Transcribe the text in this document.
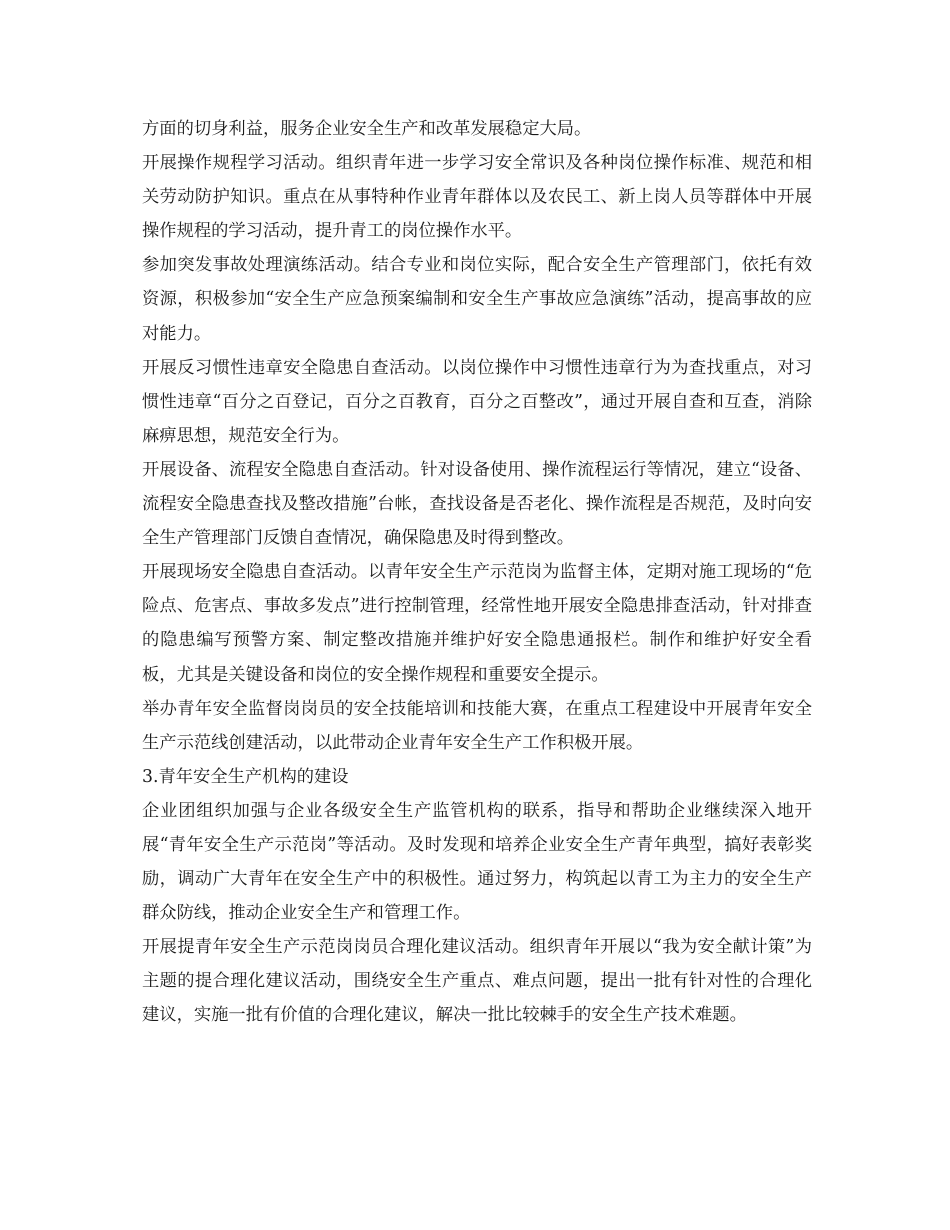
方面的切身利益，服务企业安全生产和改革发展稳定大局。

开展操作规程学习活动。组织青年进一步学习安全常识及各种岗位操作标准、规范和相关劳动防护知识。重点在从事特种作业青年群体以及农民工、新上岗人员等群体中开展操作规程的学习活动，提升青工的岗位操作水平。

参加突发事故处理演练活动。结合专业和岗位实际，配合安全生产管理部门，依托有效资源，积极参加“安全生产应急预案编制和安全生产事故应急演练”活动，提高事故的应对能力。

开展反习惯性违章安全隐患自查活动。以岗位操作中习惯性违章行为为查找重点，对习惯性违章“百分之百登记，百分之百教育，百分之百整改”，通过开展自查和互查，消除麻痹思想，规范安全行为。

开展设备、流程安全隐患自查活动。针对设备使用、操作流程运行等情况，建立“设备、流程安全隐患查找及整改措施”台帐，查找设备是否老化、操作流程是否规范，及时向安全生产管理部门反馈自查情况，确保隐患及时得到整改。

开展现场安全隐患自查活动。以青年安全生产示范岗为监督主体，定期对施工现场的“危险点、危害点、事故多发点”进行控制管理，经常性地开展安全隐患排查活动，针对排查的隐患编写预警方案、制定整改措施并维护好安全隐患通报栏。制作和维护好安全看板，尤其是关键设备和岗位的安全操作规程和重要安全提示。

举办青年安全监督岗岗员的安全技能培训和技能大赛，在重点工程建设中开展青年安全生产示范线创建活动，以此带动企业青年安全生产工作积极开展。

3.青年安全生产机构的建设

企业团组织加强与企业各级安全生产监管机构的联系，指导和帮助企业继续深入地开展“青年安全生产示范岗”等活动。及时发现和培养企业安全生产青年典型，搞好表彰奖励，调动广大青年在安全生产中的积极性。通过努力，构筑起以青工为主力的安全生产群众防线，推动企业安全生产和管理工作。

开展提青年安全生产示范岗岗员合理化建议活动。组织青年开展以“我为安全献计策”为主题的提合理化建议活动，围绕安全生产重点、难点问题，提出一批有针对性的合理化建议，实施一批有价值的合理化建议，解决一批比较棘手的安全生产技术难题。
